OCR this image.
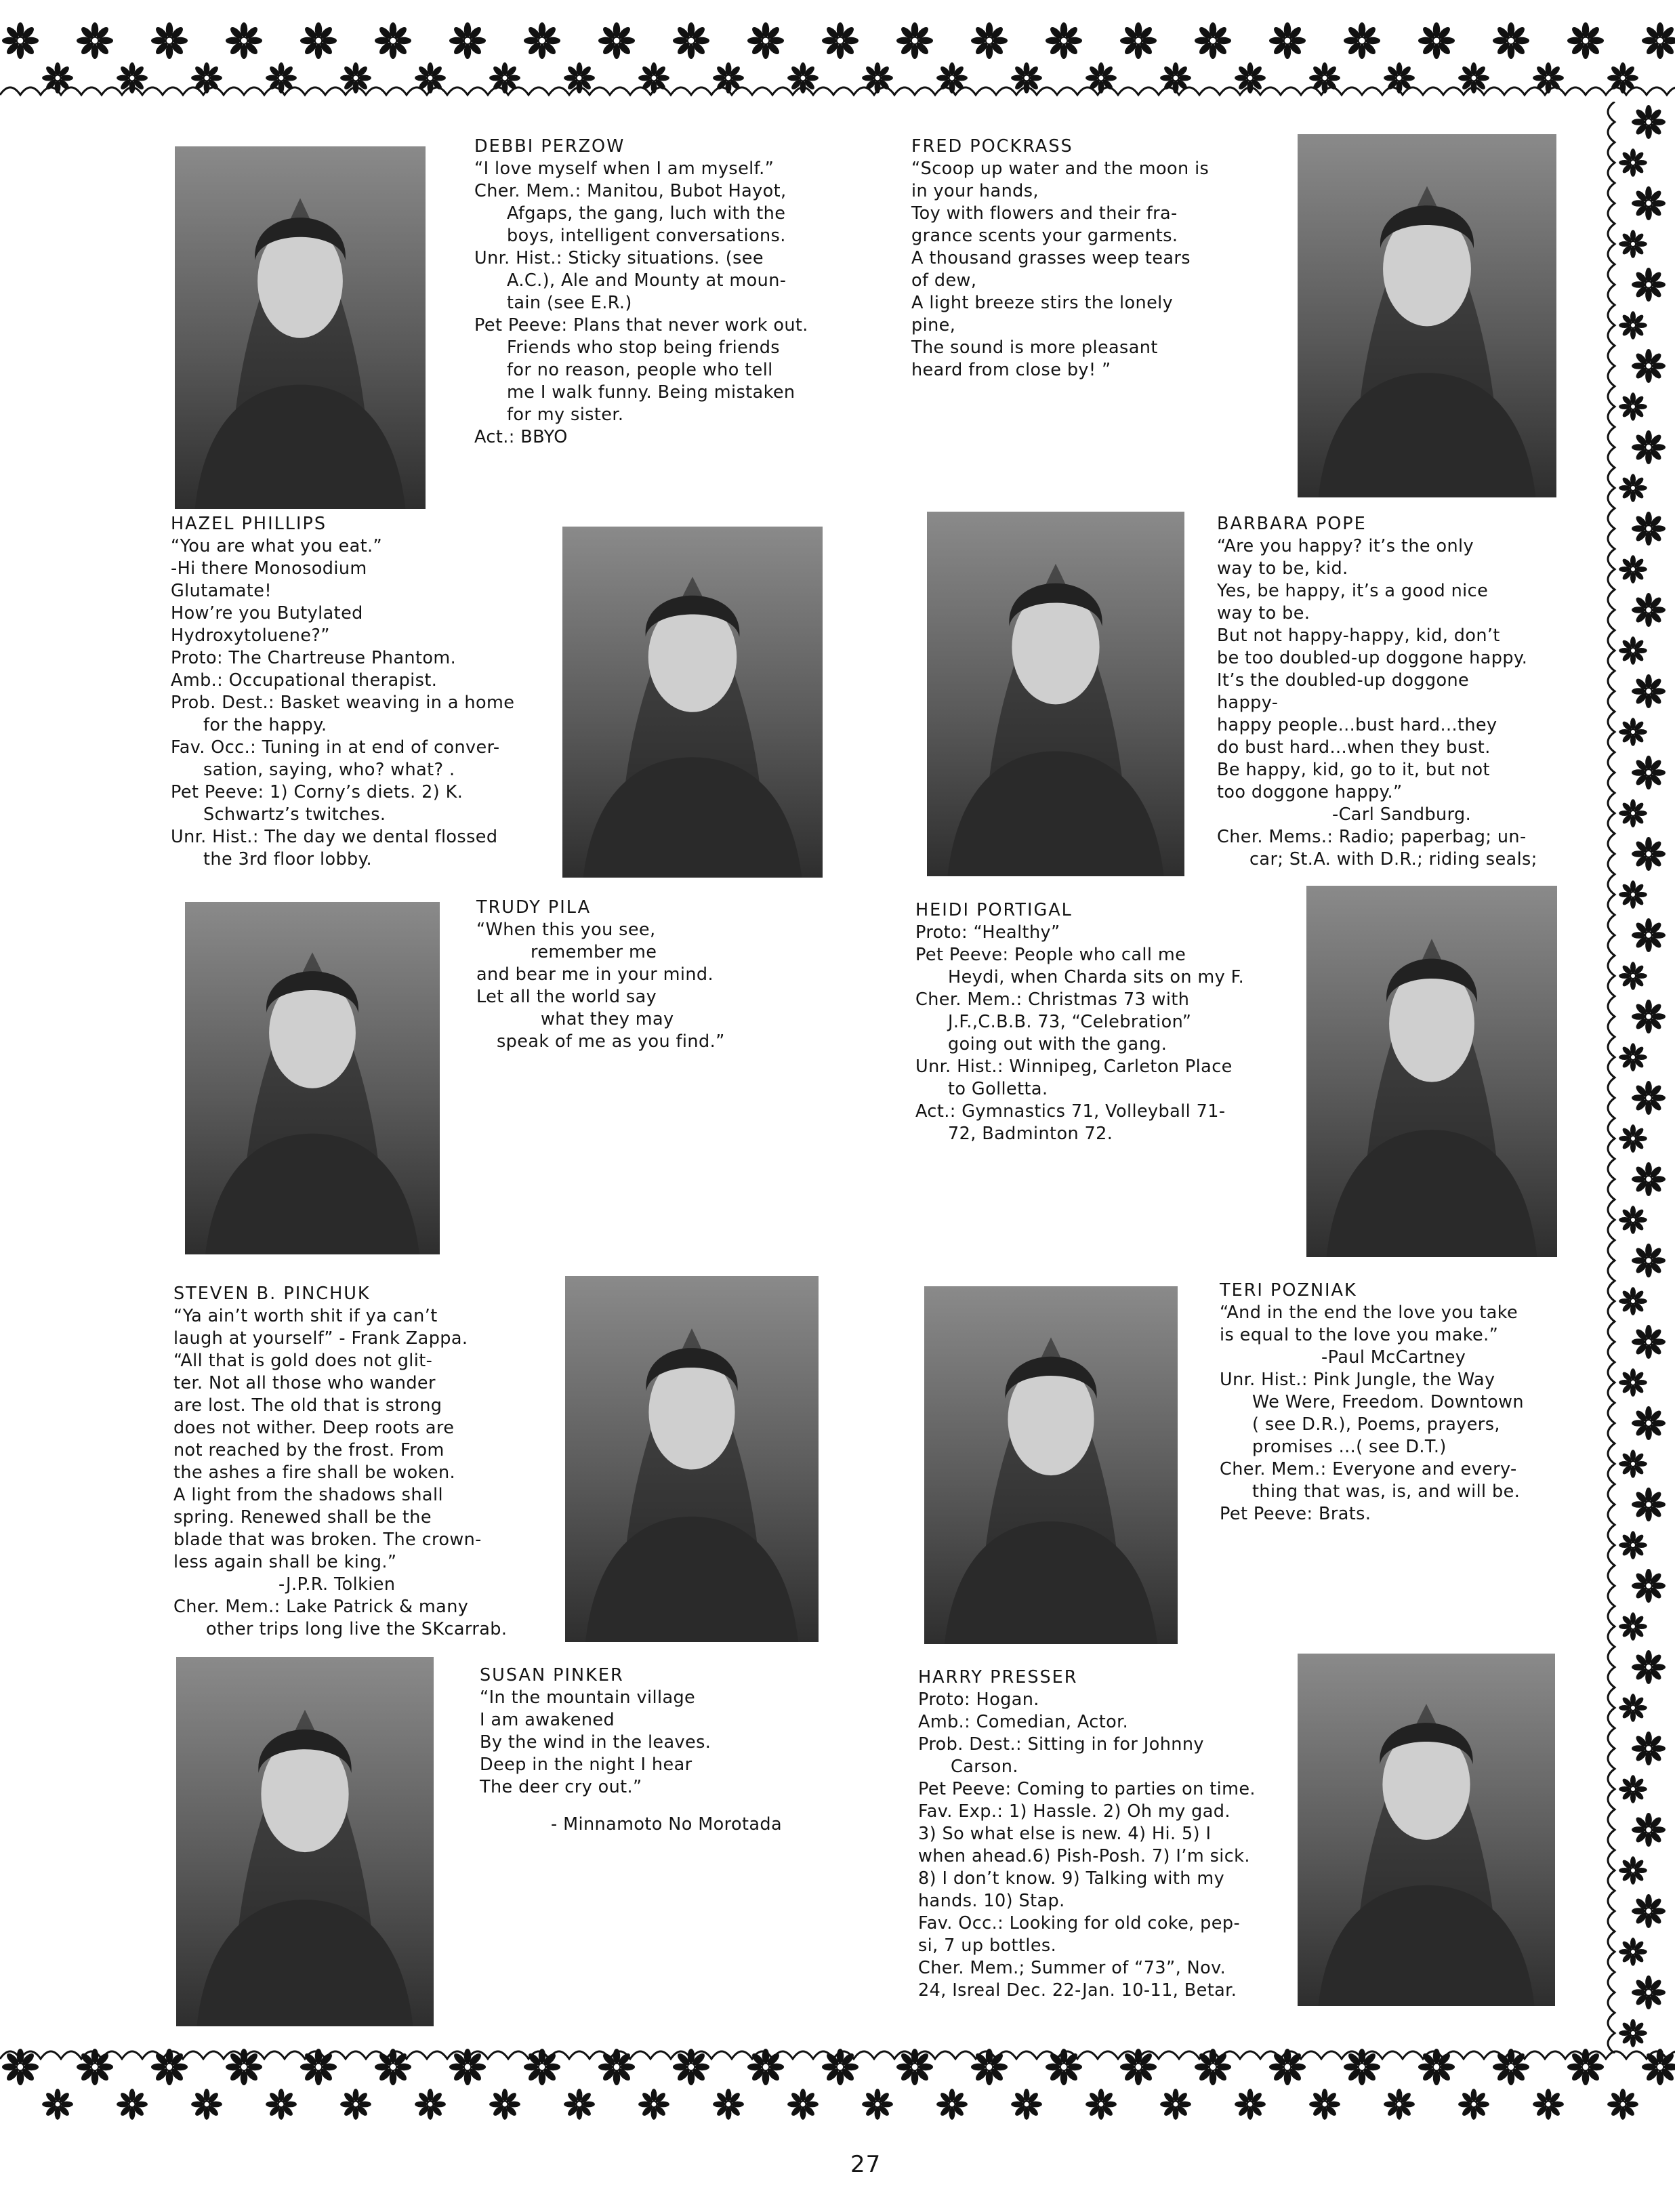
DEBBI PERZOW
“I love myself when I am myself.”
Cher. Mem.: Manitou, Bubot Hayot,
Afgaps, the gang, luch with the
boys, intelligent conversations.
Unr. Hist.: Sticky situations. (see
A.C.), Ale and Mounty at moun-
tain (see E.R.)
Pet Peeve: Plans that never work out.
Friends who stop being friends
for no reason, people who tell
me I walk funny. Being mistaken
for my sister.
Act.: BBYO
FRED POCKRASS
“Scoop up water and the moon is
in your hands,
Toy with flowers and their fra-
grance scents your garments.
A thousand grasses weep tears
of dew,
A light breeze stirs the lonely
pine,
The sound is more pleasant
heard from close by! ”
HAZEL PHILLIPS
“You are what you eat.”
-Hi there Monosodium
Glutamate!
How’re you Butylated
Hydroxytoluene?”
Proto: The Chartreuse Phantom.
Amb.: Occupational therapist.
Prob. Dest.: Basket weaving in a home
for the happy.
Fav. Occ.: Tuning in at end of conver-
sation, saying, who? what? .
Pet Peeve: 1) Corny’s diets. 2) K.
Schwartz’s twitches.
Unr. Hist.: The day we dental flossed
the 3rd floor lobby.
BARBARA POPE
“Are you happy? it’s the only
way to be, kid.
Yes, be happy, it’s a good nice
way to be.
But not happy-happy, kid, don’t
be too doubled-up doggone happy.
It’s the doubled-up doggone
happy-
happy people...bust hard...they
do bust hard...when they bust.
Be happy, kid, go to it, but not
too doggone happy.”
-Carl Sandburg.
Cher. Mems.: Radio; paperbag; un-
car; St.A. with D.R.; riding seals;
TRUDY PILA
“When this you see,
remember me
and bear me in your mind.
Let all the world say
what they may
speak of me as you find.”
HEIDI PORTIGAL
Proto: “Healthy”
Pet Peeve: People who call me
Heydi, when Charda sits on my F.
Cher. Mem.: Christmas 73 with
J.F.,C.B.B. 73, “Celebration”
going out with the gang.
Unr. Hist.: Winnipeg, Carleton Place
to Golletta.
Act.: Gymnastics 71, Volleyball 71-
72, Badminton 72.
STEVEN B. PINCHUK
“Ya ain’t worth shit if ya can’t
laugh at yourself” - Frank Zappa.
“All that is gold does not glit-
ter. Not all those who wander
are lost. The old that is strong
does not wither. Deep roots are
not reached by the frost. From
the ashes a fire shall be woken.
A light from the shadows shall
spring. Renewed shall be the
blade that was broken. The crown-
less again shall be king.”
-J.P.R. Tolkien
Cher. Mem.: Lake Patrick & many
other trips long live the SKcarrab.
TERI POZNIAK
“And in the end the love you take
is equal to the love you make.”
-Paul McCartney
Unr. Hist.: Pink Jungle, the Way
We Were, Freedom. Downtown
( see D.R.), Poems, prayers,
promises ...( see D.T.)
Cher. Mem.: Everyone and every-
thing that was, is, and will be.
Pet Peeve: Brats.
SUSAN PINKER
“In the mountain village
I am awakened
By the wind in the leaves.
Deep in the night I hear
The deer cry out.”
- Minnamoto No Morotada
HARRY PRESSER
Proto: Hogan.
Amb.: Comedian, Actor.
Prob. Dest.: Sitting in for Johnny
Carson.
Pet Peeve: Coming to parties on time.
Fav. Exp.: 1) Hassle. 2) Oh my gad.
3) So what else is new. 4) Hi. 5) I
when ahead.6) Pish-Posh. 7) I’m sick.
8) I don’t know. 9) Talking with my
hands. 10) Stap.
Fav. Occ.: Looking for old coke, pep-
si, 7 up bottles.
Cher. Mem.; Summer of “73”, Nov.
24, Isreal Dec. 22-Jan. 10-11, Betar.
27
